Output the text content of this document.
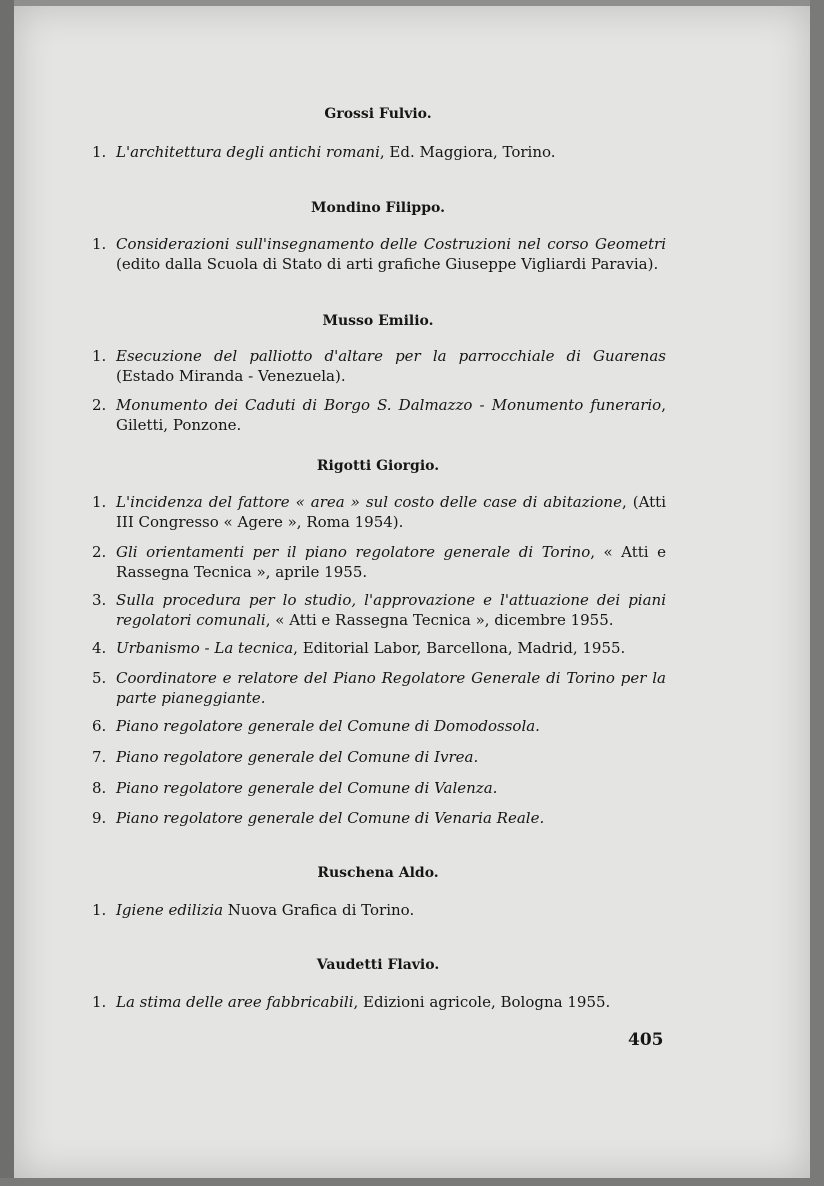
Grossi Fulvio.
1. L'architettura degli antichi romani, Ed. Maggiora, Torino.
Mondino Filippo.
1. Considerazioni sull'insegnamento delle Costruzioni nel corso Geometri (edito dalla Scuola di Stato di arti grafiche Giuseppe Vigliardi Paravia).
Musso Emilio.
1. Esecuzione del palliotto d'altare per la parrocchiale di Guarenas (Estado Miranda - Venezuela).
2. Monumento dei Caduti di Borgo S. Dalmazzo - Monumento funerario, Giletti, Ponzone.
Rigotti Giorgio.
1. L'incidenza del fattore « area » sul costo delle case di abitazione, (Atti III Congresso « Agere », Roma 1954).
2. Gli orientamenti per il piano regolatore generale di Torino, « Atti e Rassegna Tecnica », aprile 1955.
3. Sulla procedura per lo studio, l'approvazione e l'attuazione dei piani regolatori comunali, « Atti e Rassegna Tecnica », dicembre 1955.
4. Urbanismo - La tecnica, Editorial Labor, Barcellona, Madrid, 1955.
5. Coordinatore e relatore del Piano Regolatore Generale di Torino per la parte pianeggiante.
6. Piano regolatore generale del Comune di Domodossola.
7. Piano regolatore generale del Comune di Ivrea.
8. Piano regolatore generale del Comune di Valenza.
9. Piano regolatore generale del Comune di Venaria Reale.
Ruschena Aldo.
1. Igiene edilizia Nuova Grafica di Torino.
Vaudetti Flavio.
1. La stima delle aree fabbricabili, Edizioni agricole, Bologna 1955.
405
